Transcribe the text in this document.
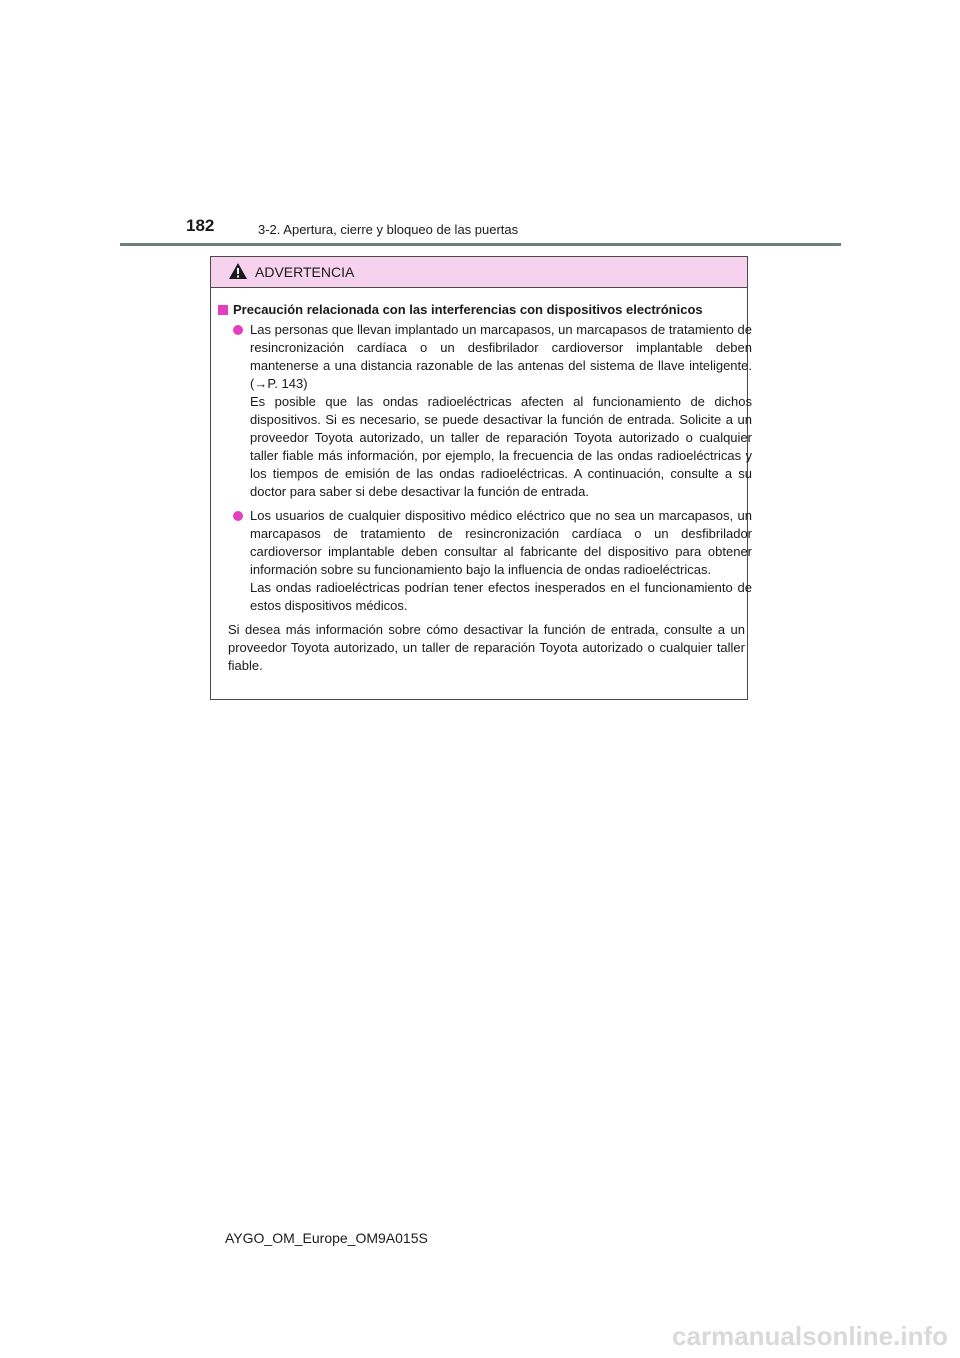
182	3-2. Apertura, cierre y bloqueo de las puertas
ADVERTENCIA
Precaución relacionada con las interferencias con dispositivos electrónicos

Las personas que llevan implantado un marcapasos, un marcapasos de tratamiento de resincronización cardíaca o un desfibrilador cardioversor implantable deben mantenerse a una distancia razonable de las antenas del sistema de llave inteligente. (→P. 143)

Es posible que las ondas radioeléctricas afecten al funcionamiento de dichos dispositivos. Si es necesario, se puede desactivar la función de entrada. Solicite a un proveedor Toyota autorizado, un taller de reparación Toyota autorizado o cualquier taller fiable más información, por ejemplo, la frecuencia de las ondas radioeléctricas y los tiempos de emisión de las ondas radioeléctricas. A continuación, consulte a su doctor para saber si debe desactivar la función de entrada.

Los usuarios de cualquier dispositivo médico eléctrico que no sea un marcapasos, un marcapasos de tratamiento de resincronización cardíaca o un desfibrilador cardioversor implantable deben consultar al fabricante del dispositivo para obtener información sobre su funcionamiento bajo la influencia de ondas radioeléctricas.

Las ondas radioeléctricas podrían tener efectos inesperados en el funcionamiento de estos dispositivos médicos.

Si desea más información sobre cómo desactivar la función de entrada, consulte a un proveedor Toyota autorizado, un taller de reparación Toyota autorizado o cualquier taller fiable.

AYGO_OM_Europe_OM9A015S
carmanualsonline.info
